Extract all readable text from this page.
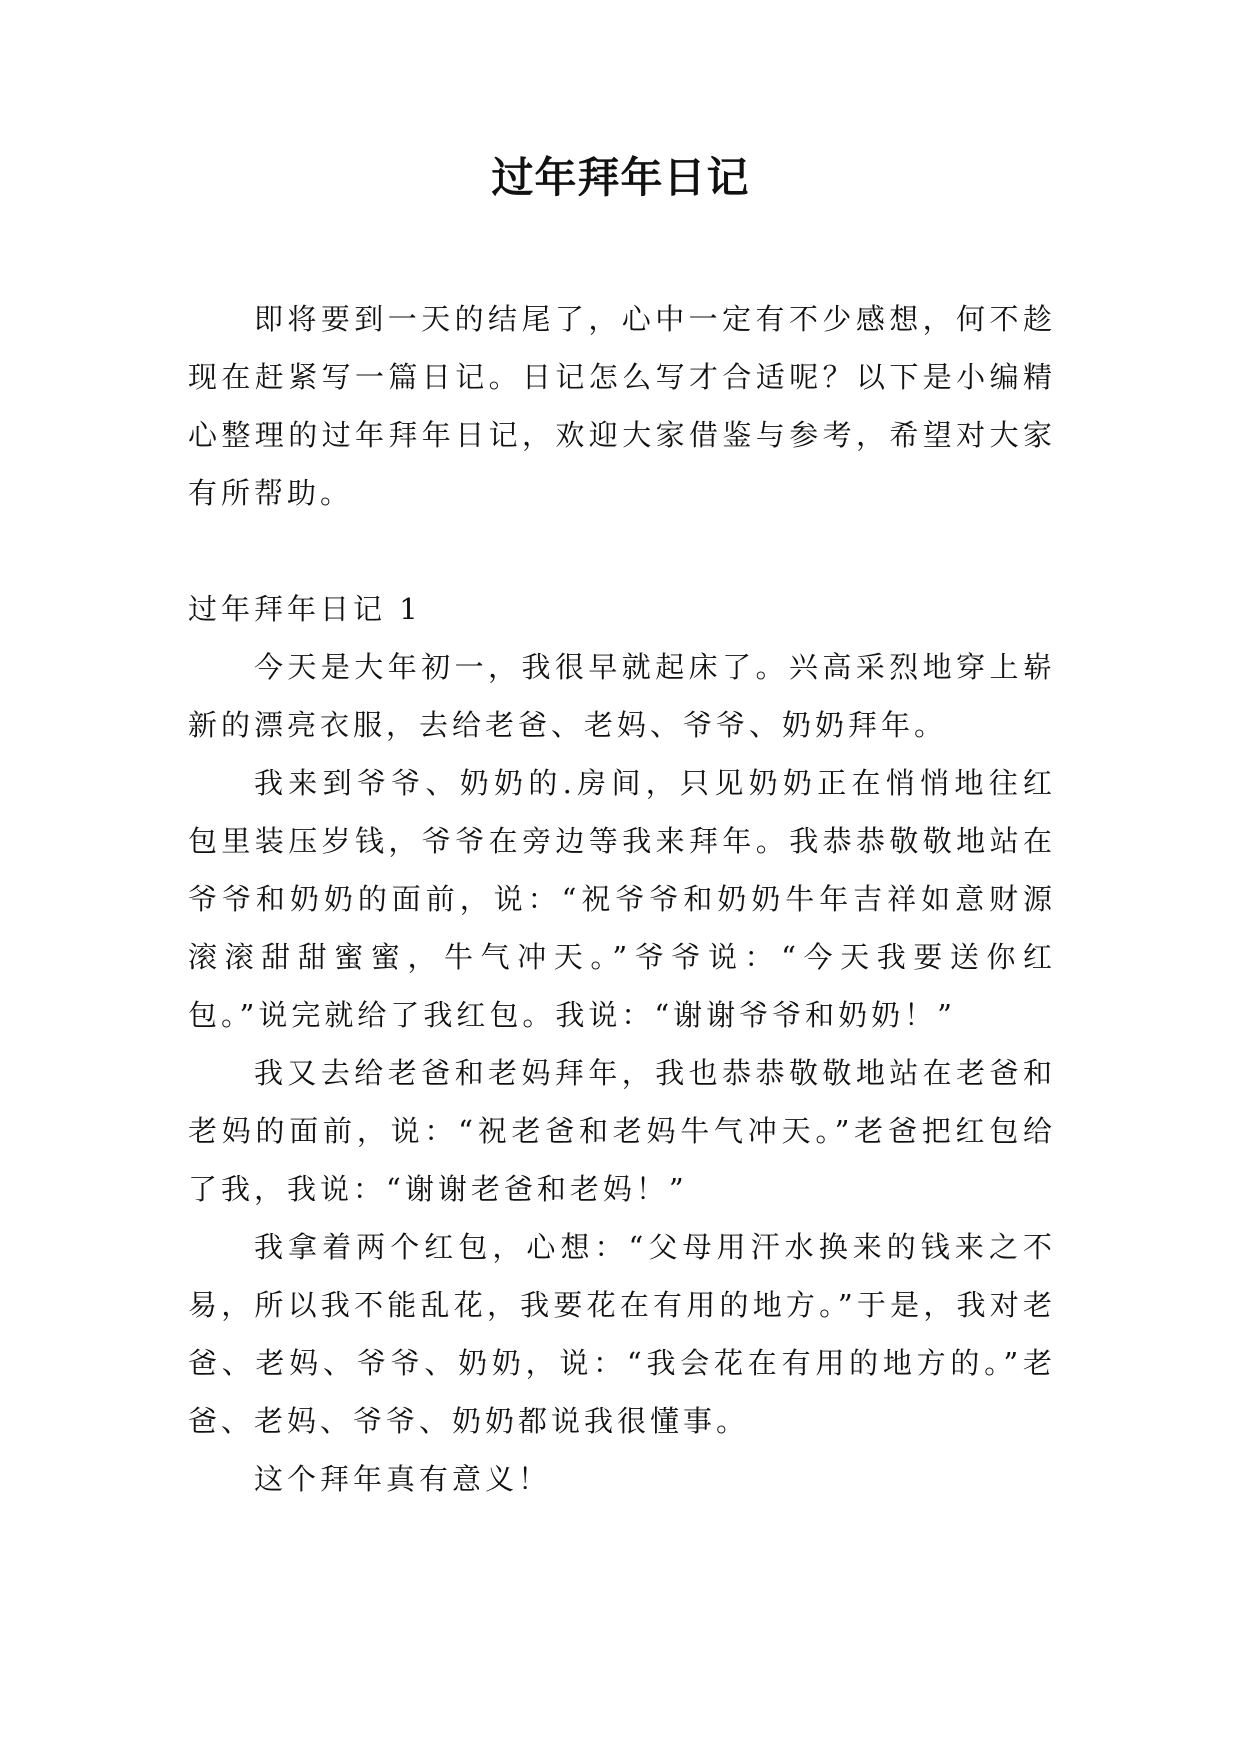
过年拜年日记

即将要到一天的结尾了，心中一定有不少感想，何不趁现在赶紧写一篇日记。日记怎么写才合适呢？以下是小编精心整理的过年拜年日记，欢迎大家借鉴与参考，希望对大家有所帮助。

过年拜年日记 1

今天是大年初一，我很早就起床了。兴高采烈地穿上崭新的漂亮衣服，去给老爸、老妈、爷爷、奶奶拜年。

我来到爷爷、奶奶的.房间，只见奶奶正在悄悄地往红包里装压岁钱，爷爷在旁边等我来拜年。我恭恭敬敬地站在爷爷和奶奶的面前，说：“祝爷爷和奶奶牛年吉祥如意财源滚滚甜甜蜜蜜，牛气冲天。”爷爷说：“今天我要送你红包。”说完就给了我红包。我说：“谢谢爷爷和奶奶！”

我又去给老爸和老妈拜年，我也恭恭敬敬地站在老爸和老妈的面前，说：“祝老爸和老妈牛气冲天。”老爸把红包给了我，我说：“谢谢老爸和老妈！”

我拿着两个红包，心想：“父母用汗水换来的钱来之不易，所以我不能乱花，我要花在有用的地方。”于是，我对老爸、老妈、爷爷、奶奶，说：“我会花在有用的地方的。”老爸、老妈、爷爷、奶奶都说我很懂事。

这个拜年真有意义！
